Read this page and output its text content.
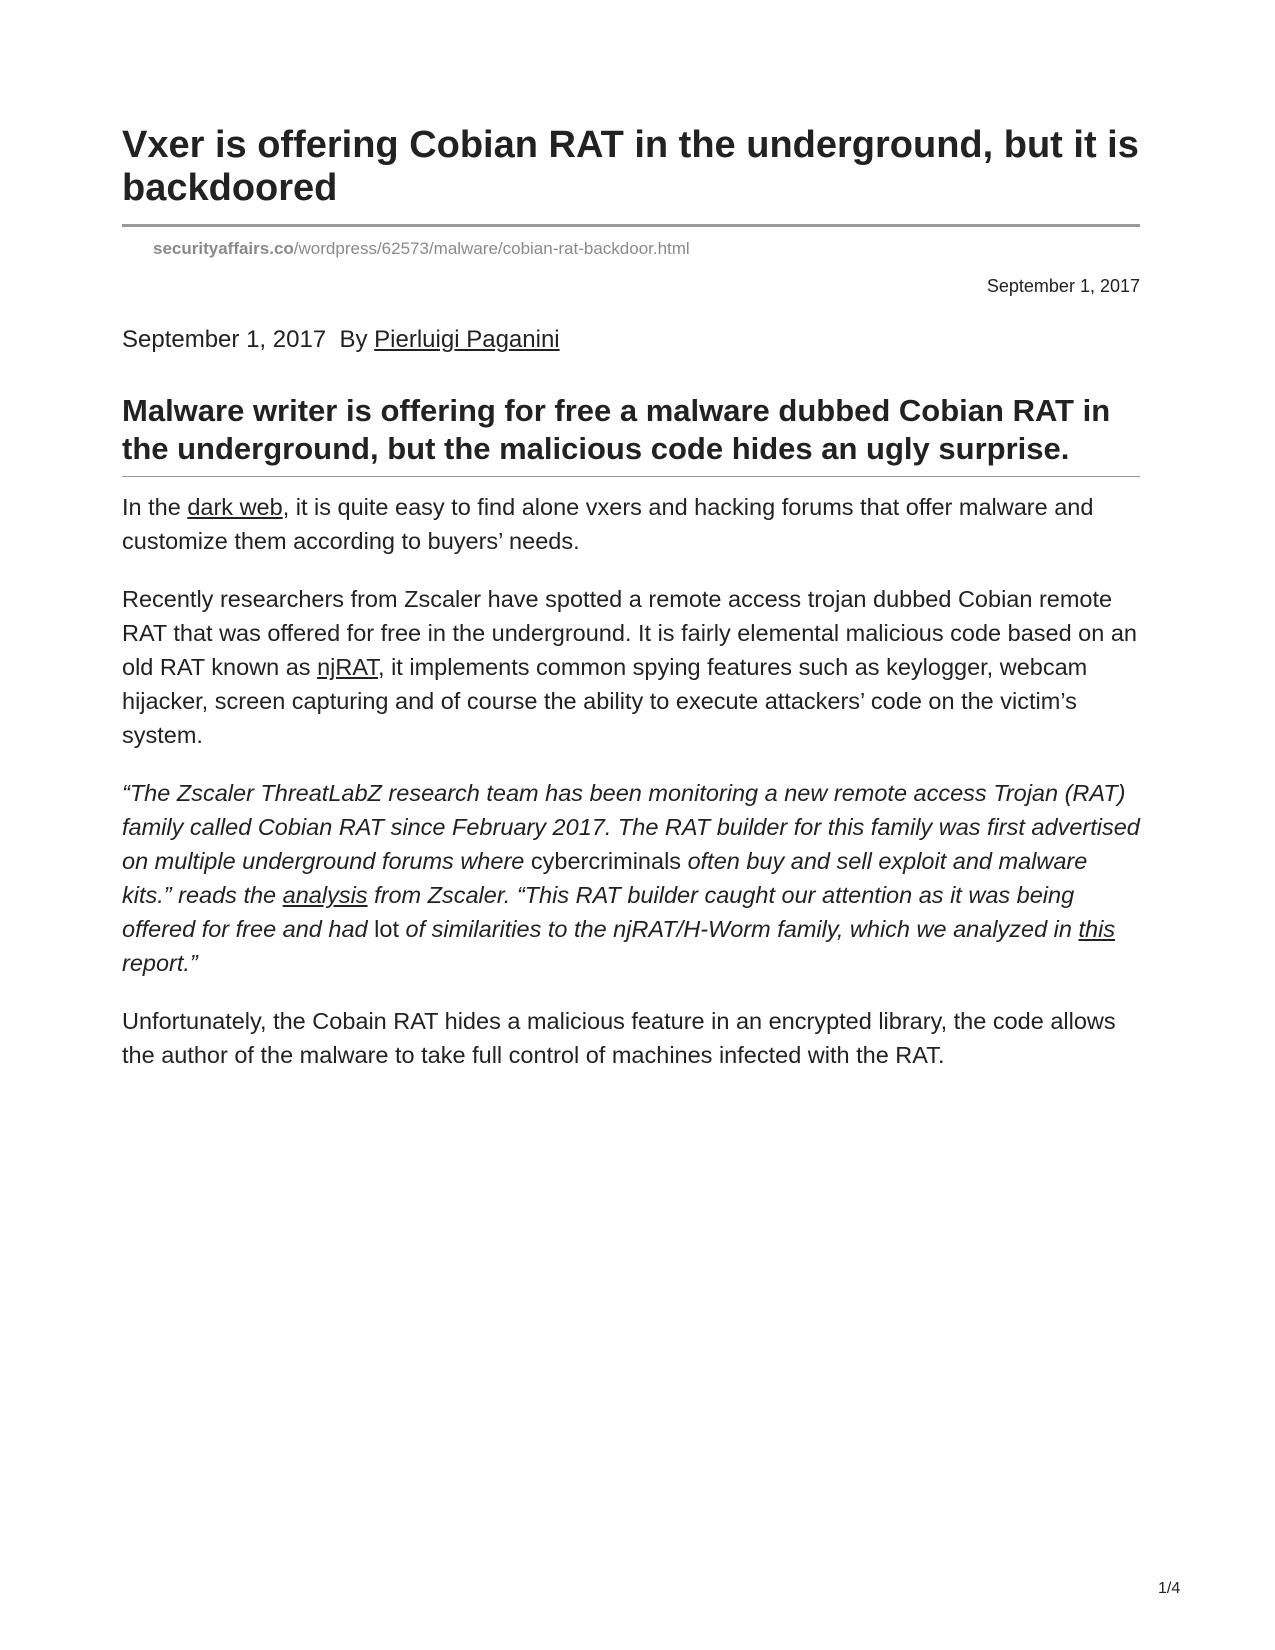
Vxer is offering Cobian RAT in the underground, but it is backdoored
securityaffairs.co/wordpress/62573/malware/cobian-rat-backdoor.html
September 1, 2017
September 1, 2017 By Pierluigi Paganini
Malware writer is offering for free a malware dubbed Cobian RAT in the underground, but the malicious code hides an ugly surprise.

In the dark web, it is quite easy to find alone vxers and hacking forums that offer malware and customize them according to buyers’ needs.

Recently researchers from Zscaler have spotted a remote access trojan dubbed Cobian remote RAT that was offered for free in the underground. It is fairly elemental malicious code based on an old RAT known as njRAT, it implements common spying features such as keylogger, webcam hijacker, screen capturing and of course the ability to execute attackers’ code on the victim’s system.

“The Zscaler ThreatLabZ research team has been monitoring a new remote access Trojan (RAT) family called Cobian RAT since February 2017. The RAT builder for this family was first advertised on multiple underground forums where cybercriminals often buy and sell exploit and malware kits.” reads the analysis from Zscaler. “This RAT builder caught our attention as it was being offered for free and had lot of similarities to the njRAT/H-Worm family, which we analyzed in this report.”

Unfortunately, the Cobain RAT hides a malicious feature in an encrypted library, the code allows the author of the malware to take full control of machines infected with the RAT.

1/4
